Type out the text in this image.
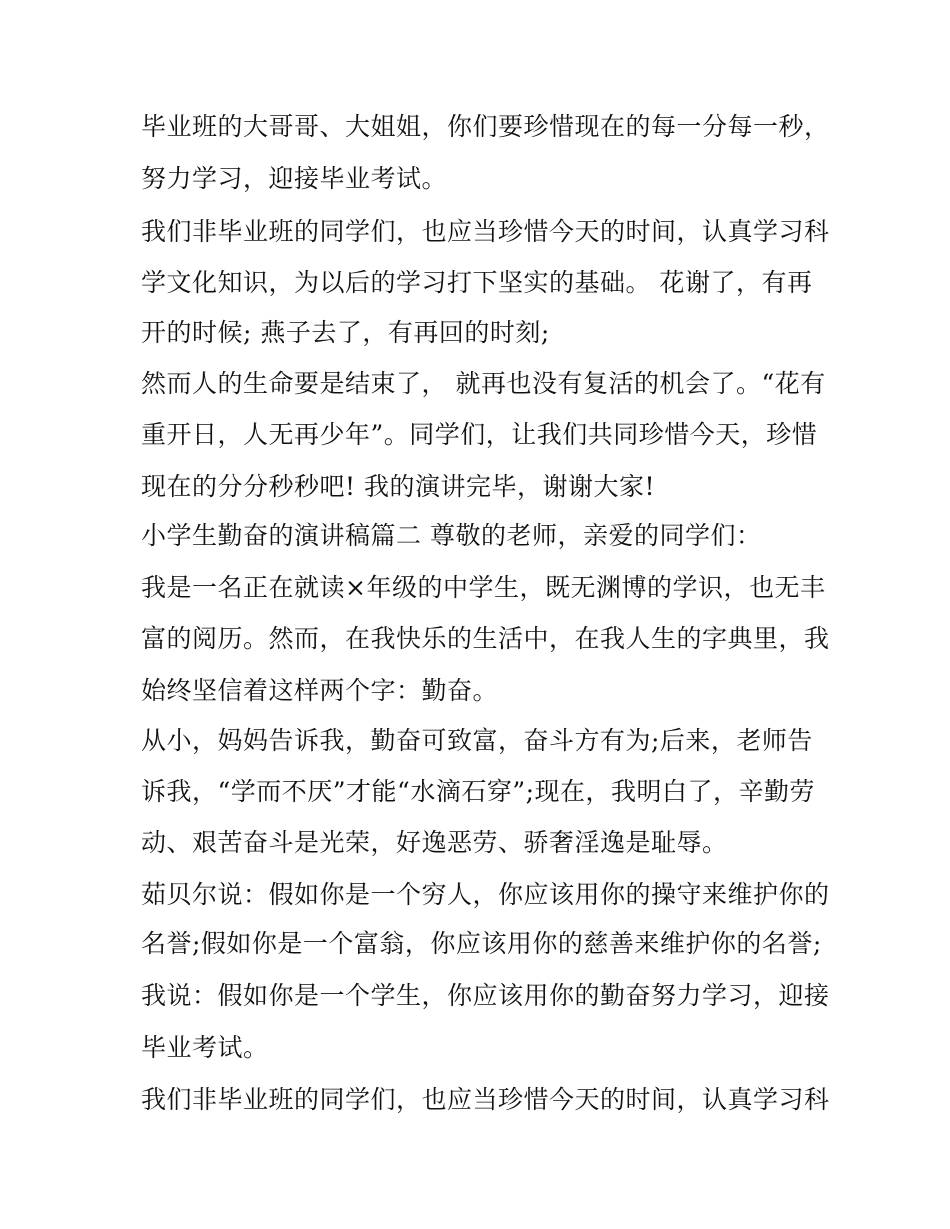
毕业班的大哥哥、大姐姐，你们要珍惜现在的每一分每一秒，
努力学习，迎接毕业考试。
我们非毕业班的同学们，也应当珍惜今天的时间，认真学习科
学文化知识，为以后的学习打下坚实的基础。 花谢了，有再
开的时候; 燕子去了，有再回的时刻;
然而人的生命要是结束了， 就再也没有复活的机会了。“花有
重开日，人无再少年”。同学们，让我们共同珍惜今天，珍惜
现在的分分秒秒吧! 我的演讲完毕，谢谢大家!
小学生勤奋的演讲稿篇二 尊敬的老师，亲爱的同学们：
我是一名正在就读×年级的中学生，既无渊博的学识，也无丰
富的阅历。然而，在我快乐的生活中，在我人生的字典里，我
始终坚信着这样两个字：勤奋。
从小，妈妈告诉我，勤奋可致富，奋斗方有为;后来，老师告
诉我，“学而不厌”才能“水滴石穿”;现在，我明白了，辛勤劳
动、艰苦奋斗是光荣，好逸恶劳、骄奢淫逸是耻辱。
茹贝尔说：假如你是一个穷人，你应该用你的操守来维护你的
名誉;假如你是一个富翁，你应该用你的慈善来维护你的名誉;
我说：假如你是一个学生，你应该用你的勤奋努力学习，迎接
毕业考试。
我们非毕业班的同学们，也应当珍惜今天的时间，认真学习科
